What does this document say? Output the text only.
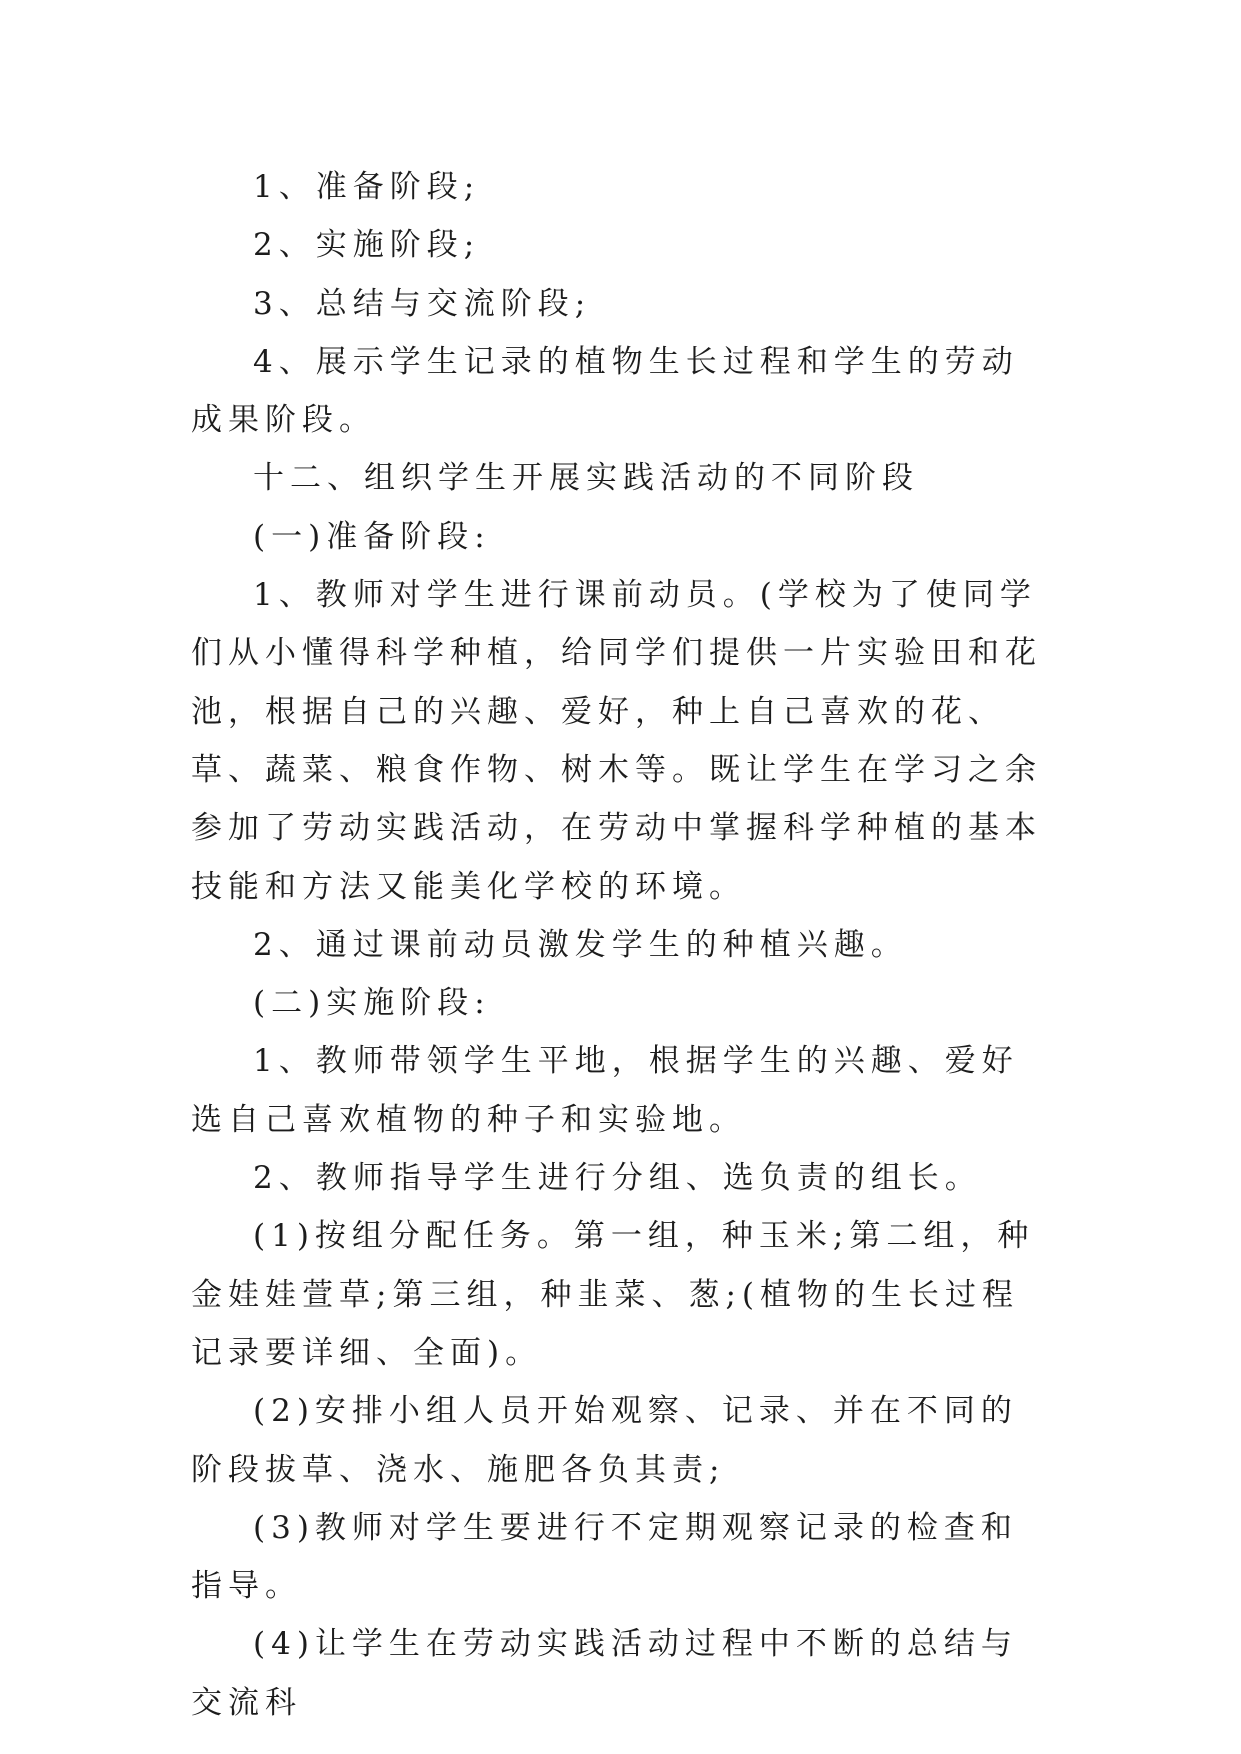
1、准备阶段;

2、实施阶段;

3、总结与交流阶段;

4、展示学生记录的植物生长过程和学生的劳动成果阶段。

十二、组织学生开展实践活动的不同阶段

(一)准备阶段:

1、教师对学生进行课前动员。(学校为了使同学们从小懂得科学种植，给同学们提供一片实验田和花池，根据自己的兴趣、爱好，种上自己喜欢的花、草、蔬菜、粮食作物、树木等。既让学生在学习之余参加了劳动实践活动，在劳动中掌握科学种植的基本技能和方法又能美化学校的环境。

2、通过课前动员激发学生的种植兴趣。

(二)实施阶段:

1、教师带领学生平地，根据学生的兴趣、爱好选自己喜欢植物的种子和实验地。

2、教师指导学生进行分组、选负责的组长。

(1)按组分配任务。第一组，种玉米;第二组，种金娃娃萱草;第三组，种韭菜、葱;(植物的生长过程记录要详细、全面)。

(2)安排小组人员开始观察、记录、并在不同的阶段拔草、浇水、施肥各负其责;

(3)教师对学生要进行不定期观察记录的检查和指导。

(4)让学生在劳动实践活动过程中不断的总结与交流科
